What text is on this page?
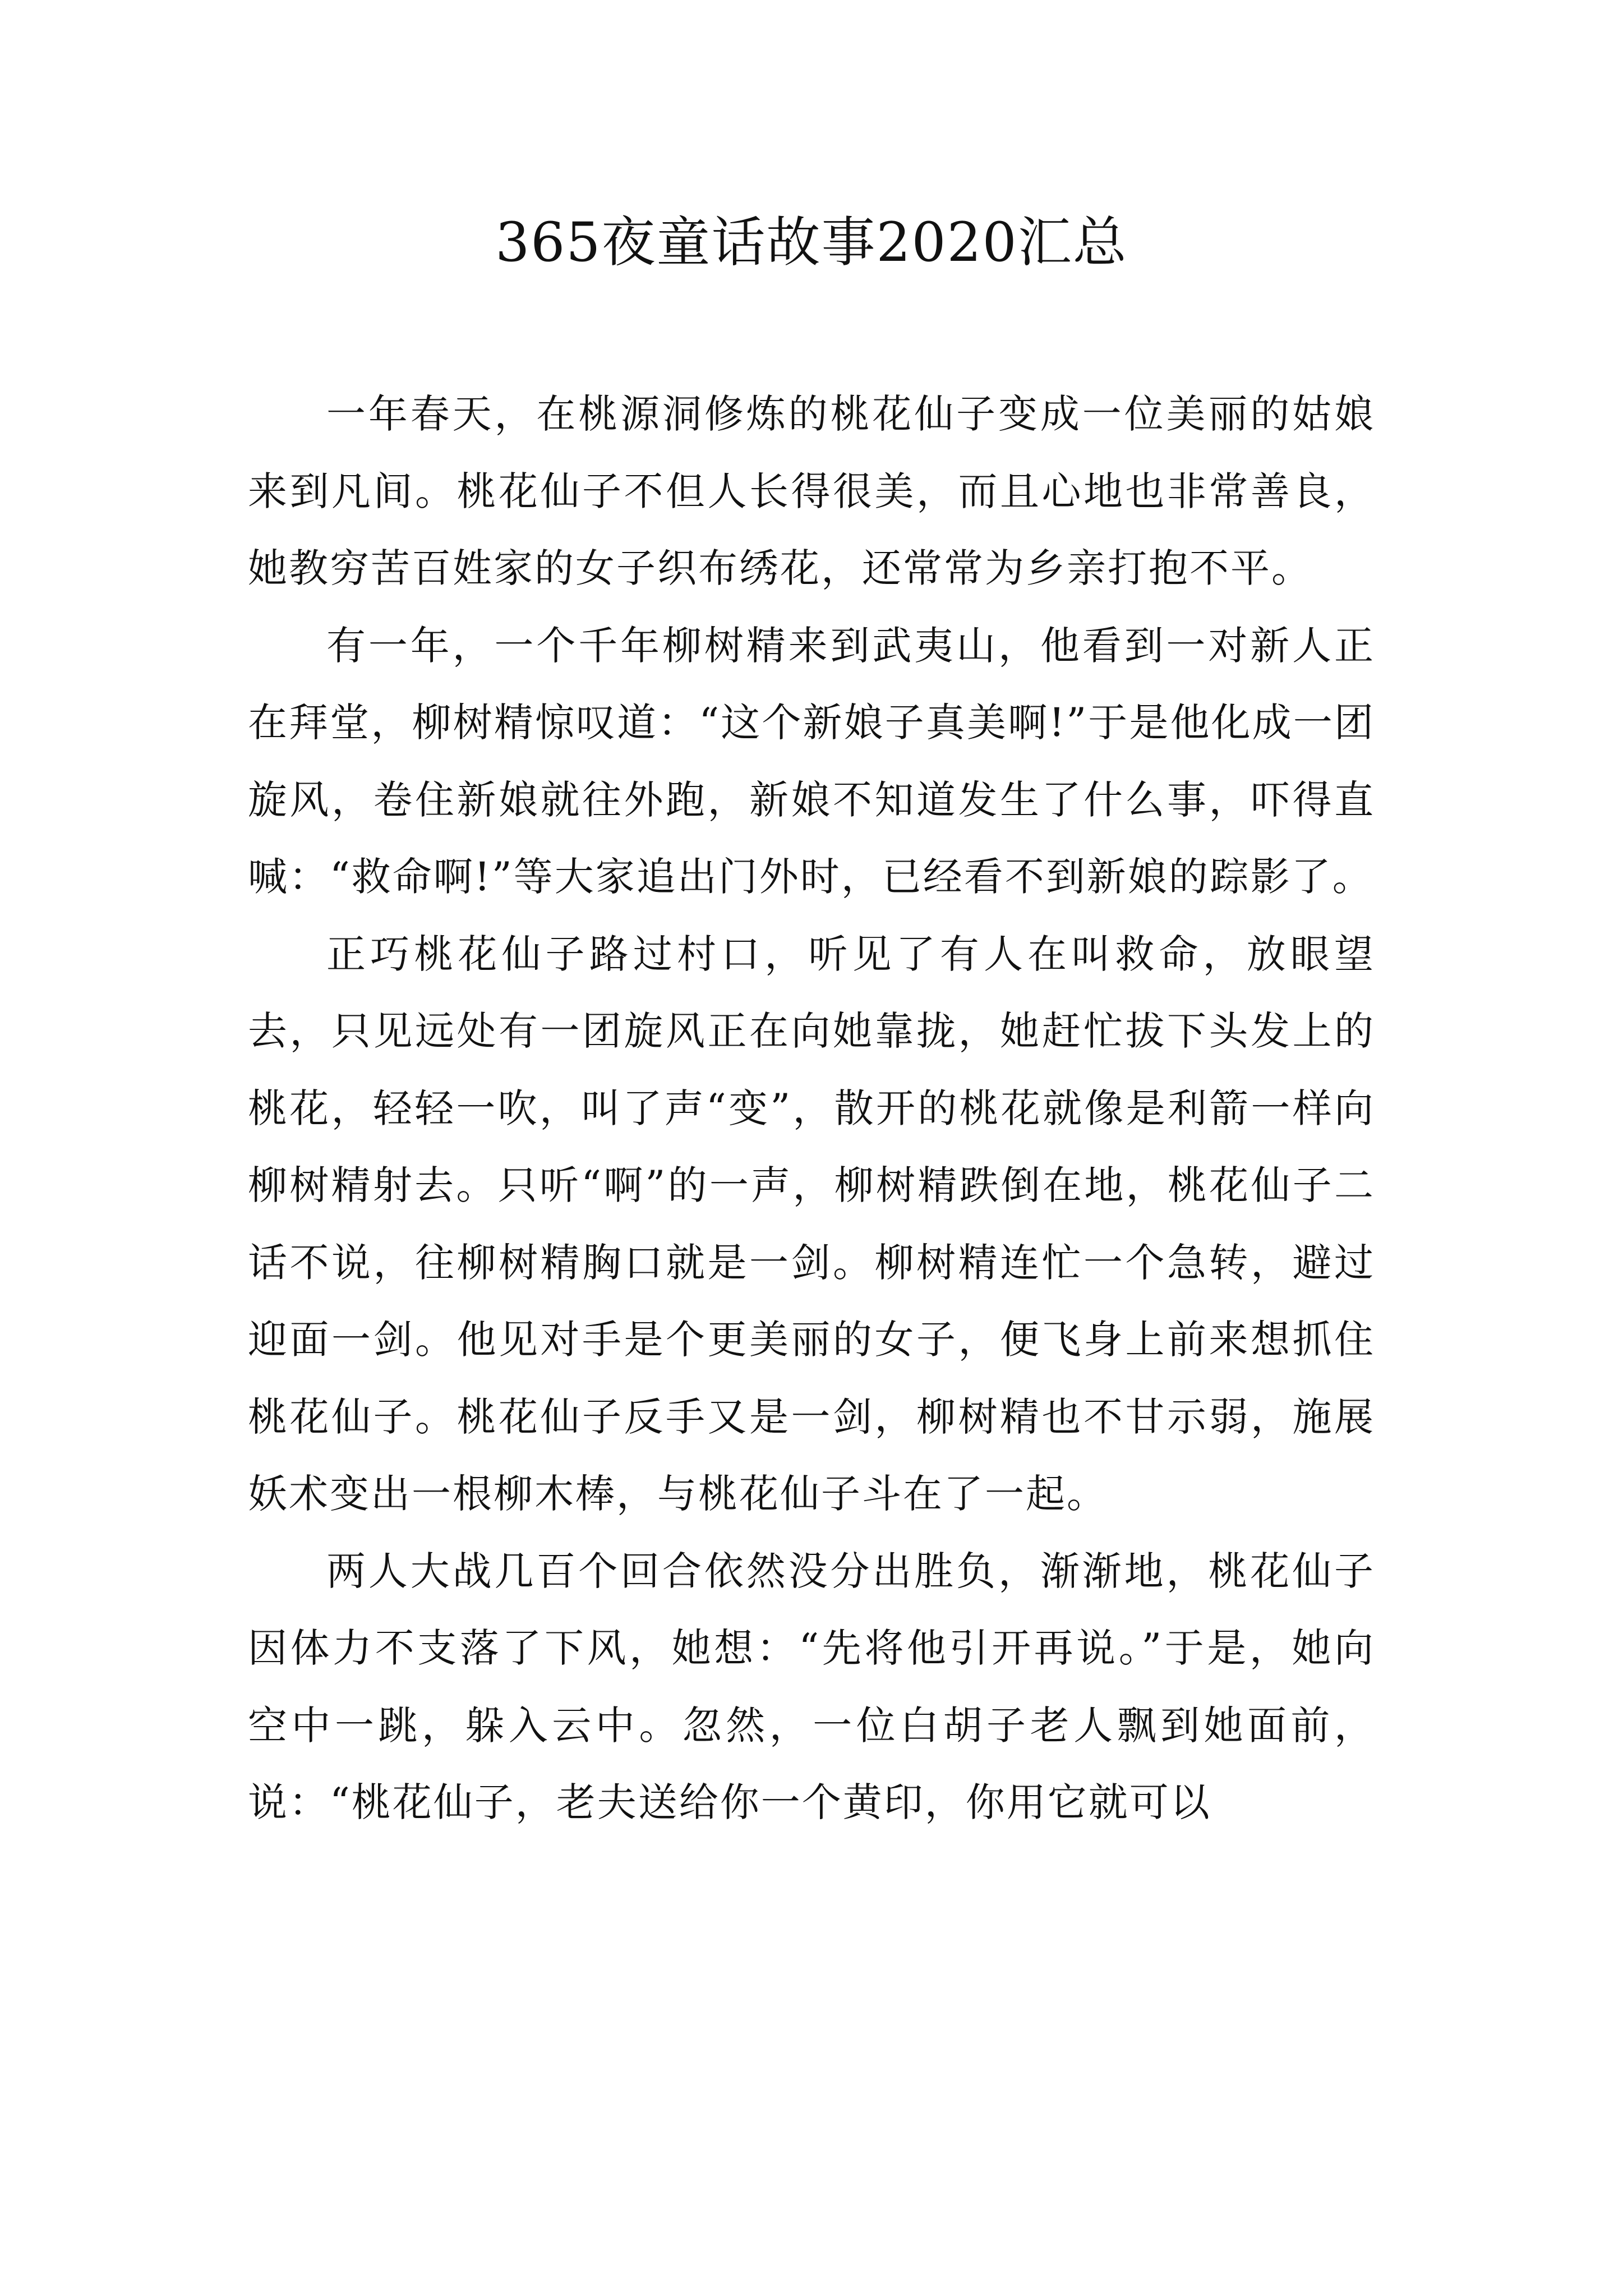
365夜童话故事2020汇总

一年春天，在桃源洞修炼的桃花仙子变成一位美丽的姑娘来到凡间。桃花仙子不但人长得很美，而且心地也非常善良，她教穷苦百姓家的女子织布绣花，还常常为乡亲打抱不平。

有一年，一个千年柳树精来到武夷山，他看到一对新人正在拜堂，柳树精惊叹道：“这个新娘子真美啊!”于是他化成一团旋风，卷住新娘就往外跑，新娘不知道发生了什么事，吓得直喊：“救命啊!”等大家追出门外时，已经看不到新娘的踪影了。

正巧桃花仙子路过村口，听见了有人在叫救命，放眼望去，只见远处有一团旋风正在向她靠拢，她赶忙拔下头发上的桃花，轻轻一吹，叫了声“变”，散开的桃花就像是利箭一样向柳树精射去。只听“啊”的一声，柳树精跌倒在地，桃花仙子二话不说，往柳树精胸口就是一剑。柳树精连忙一个急转，避过迎面一剑。他见对手是个更美丽的女子，便飞身上前来想抓住桃花仙子。桃花仙子反手又是一剑，柳树精也不甘示弱，施展妖术变出一根柳木棒，与桃花仙子斗在了一起。

两人大战几百个回合依然没分出胜负，渐渐地，桃花仙子因体力不支落了下风，她想：“先将他引开再说。”于是，她向空中一跳，躲入云中。忽然，一位白胡子老人飘到她面前，说：“桃花仙子，老夫送给你一个黄印，你用它就可以
